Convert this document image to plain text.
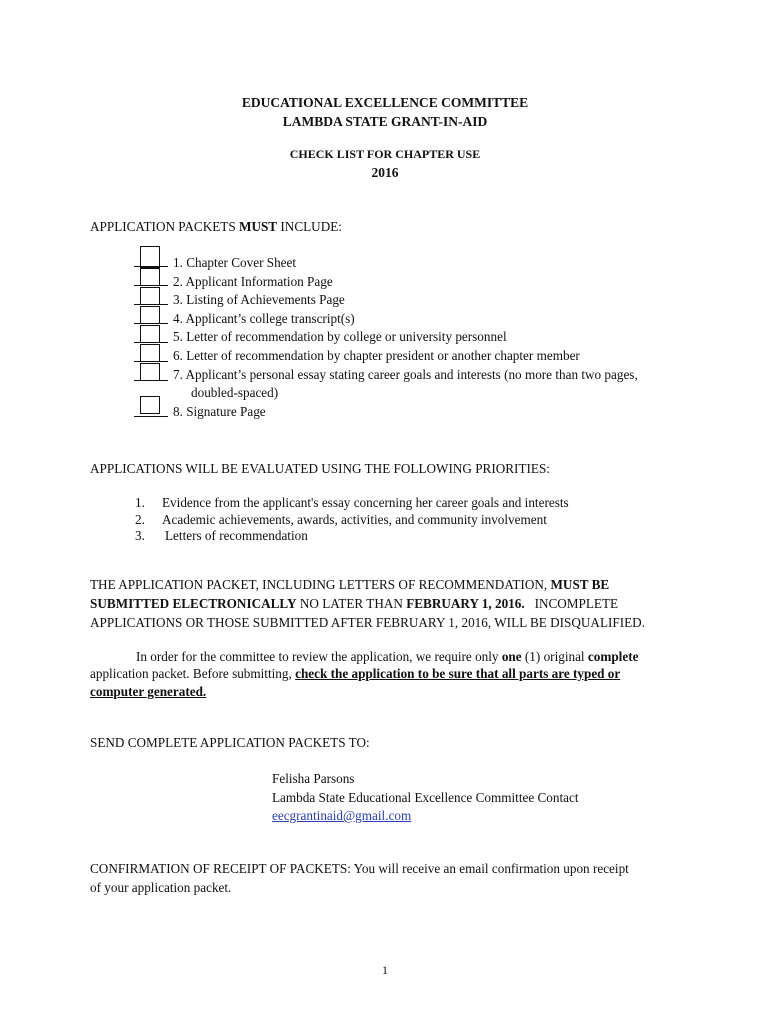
EDUCATIONAL EXCELLENCE COMMITTEE
LAMBDA STATE GRANT-IN-AID
CHECK LIST FOR CHAPTER USE
2016
APPLICATION PACKETS MUST INCLUDE:
1. Chapter Cover Sheet
2. Applicant Information Page
3. Listing of Achievements Page
4. Applicant’s college transcript(s)
5. Letter of recommendation by college or university personnel
6. Letter of recommendation by chapter president or another chapter member
7. Applicant’s personal essay stating career goals and interests (no more than two pages,
doubled-spaced)
8. Signature Page
APPLICATIONS WILL BE EVALUATED USING THE FOLLOWING PRIORITIES:
1. Evidence from the applicant's essay concerning her career goals and interests
2. Academic achievements, awards, activities, and community involvement
3. Letters of recommendation
THE APPLICATION PACKET, INCLUDING LETTERS OF RECOMMENDATION, MUST BE
SUBMITTED ELECTRONICALLY NO LATER THAN FEBRUARY 1, 2016.   INCOMPLETE
APPLICATIONS OR THOSE SUBMITTED AFTER FEBRUARY 1, 2016, WILL BE DISQUALIFIED.
In order for the committee to review the application, we require only one (1) original complete
application packet. Before submitting, check the application to be sure that all parts are typed or
computer generated.
SEND COMPLETE APPLICATION PACKETS TO:
Felisha Parsons
Lambda State Educational Excellence Committee Contact
eecgrantinaid@gmail.com
CONFIRMATION OF RECEIPT OF PACKETS: You will receive an email confirmation upon receipt
of your application packet.
1
